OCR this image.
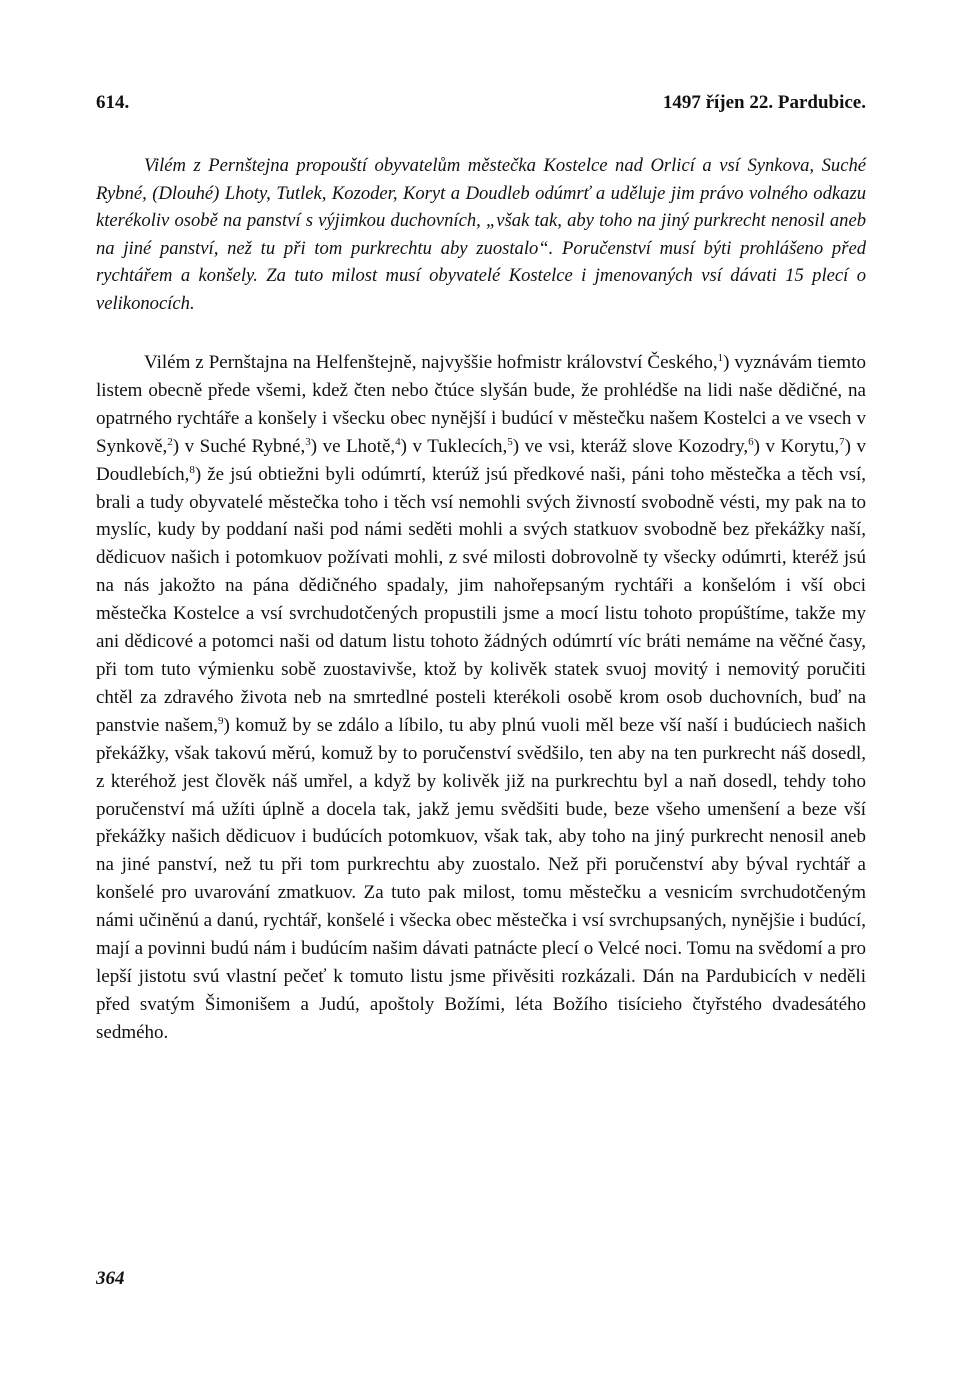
614.	1497 říjen 22. Pardubice.

Vilém z Pernštejna propouští obyvatelům městečka Kostelce nad Orlicí a vsí Synkova, Suché Rybné, (Dlouhé) Lhoty, Tutlek, Kozoder, Koryt a Doudleb odúmrť a uděluje jim právo volného odkazu kterékoliv osobě na panství s výjimkou duchovních, „však tak, aby toho na jiný purkrecht nenosil aneb na jiné panství, než tu při tom purkrechtu aby zuostalo“. Poručenství musí býti prohlášeno před rychtářem a konšely. Za tuto milost musí obyvatelé Kostelce i jmenovaných vsí dávati 15 plecí o velikonocích.

Vilém z Pernštajna na Helfenštejně, najvyššie hofmistr království Českého,$^1$) vyznávám tiemto listem obecně přede všemi, kdež čten nebo čtúce slyšán bude, že prohlédše na lidi naše dědičné, na opatrného rychtáře a konšely i všecku obec nynější i budúcí v městečku našem Kostelci a ve vsech v Synkově,$^2$) v Suché Rybné,$^3$) ve Lhotě,$^4$) v Tuklecích,$^5$) ve vsi, kteráž slove Kozodry,$^6$) v Korytu,$^7$) v Doudlebích,$^8$) že jsú obtiežni byli odúmrtí, kterúž jsú předkové naši, páni toho městečka a těch vsí, brali a tudy obyvatelé městečka toho i těch vsí nemohli svých živností svobodně vésti, my pak na to myslíc, kudy by poddaní naši pod námi seděti mohli a svých statkuov svobodně bez překážky naší, dědicuov našich i potomkuov požívati mohli, z své milosti dobrovolně ty všecky odúmrti, kteréž jsú na nás jakožto na pána dědičného spadaly, jim nahořepsaným rychtáři a konšelóm i vší obci městečka Kostelce a vsí svrchudotčených propustili jsme a mocí listu tohoto propúštíme, takže my ani dědicové a potomci naši od datum listu tohoto žádných odúmrtí víc bráti nemáme na věčné časy, při tom tuto výmienku sobě zuostavivše, ktož by kolivěk statek svuoj movitý i nemovitý poručiti chtěl za zdravého života neb na smrtedlné posteli kterékoli osobě krom osob duchovních, buď na panstvie našem,$^9$) komuž by se zdálo a líbilo, tu aby plnú vuoli měl beze vší naší i budúciech našich překážky, však takovú měrú, komuž by to poručenství svědšilo, ten aby na ten purkrecht náš dosedl, z kteréhož jest člověk náš umřel, a když by kolivěk již na purkrechtu byl a naň dosedl, tehdy toho poručenství má užíti úplně a docela tak, jakž jemu svědšiti bude, beze všeho umenšení a beze vší překážky našich dědicuov i budúcích potomkuov, však tak, aby toho na jiný purkrecht nenosil aneb na jiné panství, než tu při tom purkrechtu aby zuostalo. Než při poručenství aby býval rychtář a konšelé pro uvarování zmatkuov. Za tuto pak milost, tomu městečku a vesnicím svrchudotčeným námi učiněnú a danú, rychtář, konšelé i všecka obec městečka i vsí svrchupsaných, nynějšie i budúcí, mají a povinni budú nám i budúcím našim dávati patnácte plecí o Velcé noci. Tomu na svědomí a pro lepší jistotu svú vlastní pečeť k tomuto listu jsme přivěsiti rozkázali. Dán na Pardubicích v neděli před svatým Šimonišem a Judú, apoštoly Božími, léta Božího tisícieho čtyřstého dvadesátého sedmého.

364
